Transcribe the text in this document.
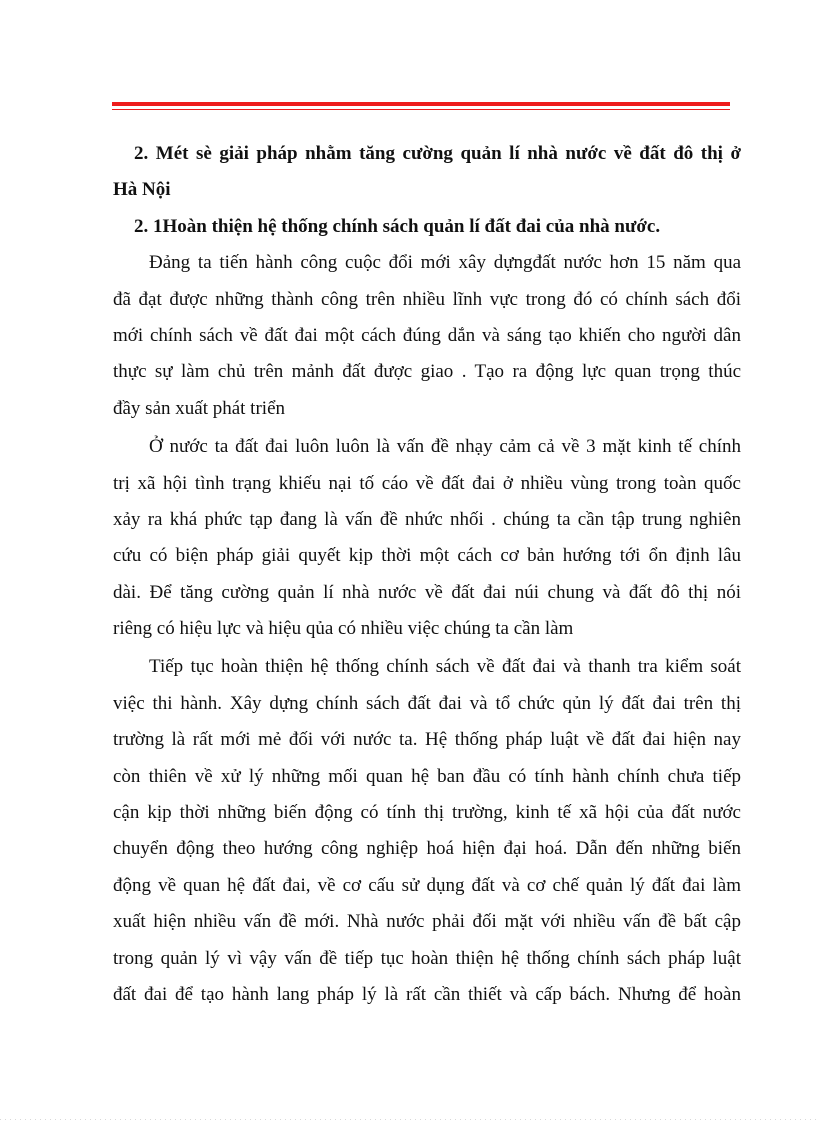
2. Mét sè giải pháp nhằm tăng cường quản lí nhà nước về đất đô thị ở
Hà Nội
2. 1Hoàn thiện hệ thống chính sách quản lí đất đai của nhà nước.
Đảng ta tiến hành công cuộc đổi mới xây dựngđất nước hơn 15 năm qua
đã đạt được những thành công trên nhiều lĩnh vực trong đó có chính sách đổi
mới chính sách về đất đai một cách đúng dắn và sáng tạo khiến cho người dân
thực sự làm chủ trên mảnh đất được giao . Tạo ra động lực quan trọng thúc
đầy sản xuất phát triển
Ở nước ta đất đai luôn luôn là vấn đề nhạy cảm cả về 3 mặt kinh tế chính
trị xã hội tình trạng khiếu nại tố cáo về đất đai ở nhiều vùng trong toàn quốc
xảy ra khá phức tạp đang là vấn đề nhức nhối . chúng ta cần tập trung nghiên
cứu có biện pháp giải quyết kịp thời một cách cơ bản hướng tới ổn định lâu
dài. Để tăng cường quản lí nhà nước về đất đai núi chung và đất đô thị nói
riêng có hiệu lực và hiệu qủa có nhiều việc chúng ta cần làm
Tiếp tục hoàn thiện hệ thống chính sách về đất đai và thanh tra kiểm soát
việc thi hành. Xây dựng chính sách đất đai và tổ chức qủn lý đất đai trên thị
trường là rất mới mẻ đối với nước ta. Hệ thống pháp luật về đất đai hiện nay
còn thiên về xử lý những mối quan hệ ban đầu có tính hành chính chưa tiếp
cận kịp thời những biến động có tính thị trường, kinh tế xã hội của đất nước
chuyển động theo hướng công nghiệp hoá hiện đại hoá. Dẫn đến những biến
động về quan hệ đất đai, về cơ cấu sử dụng đất và cơ chế quản lý đất đai làm
xuất hiện nhiều vấn đề mới. Nhà nước phải đối mặt với nhiều vấn đề bất cập
trong quản lý vì vậy vấn đề tiếp tục hoàn thiện hệ thống chính sách pháp luật
đất đai để tạo hành lang pháp lý là rất cần thiết và cấp bách. Nhưng để hoàn
